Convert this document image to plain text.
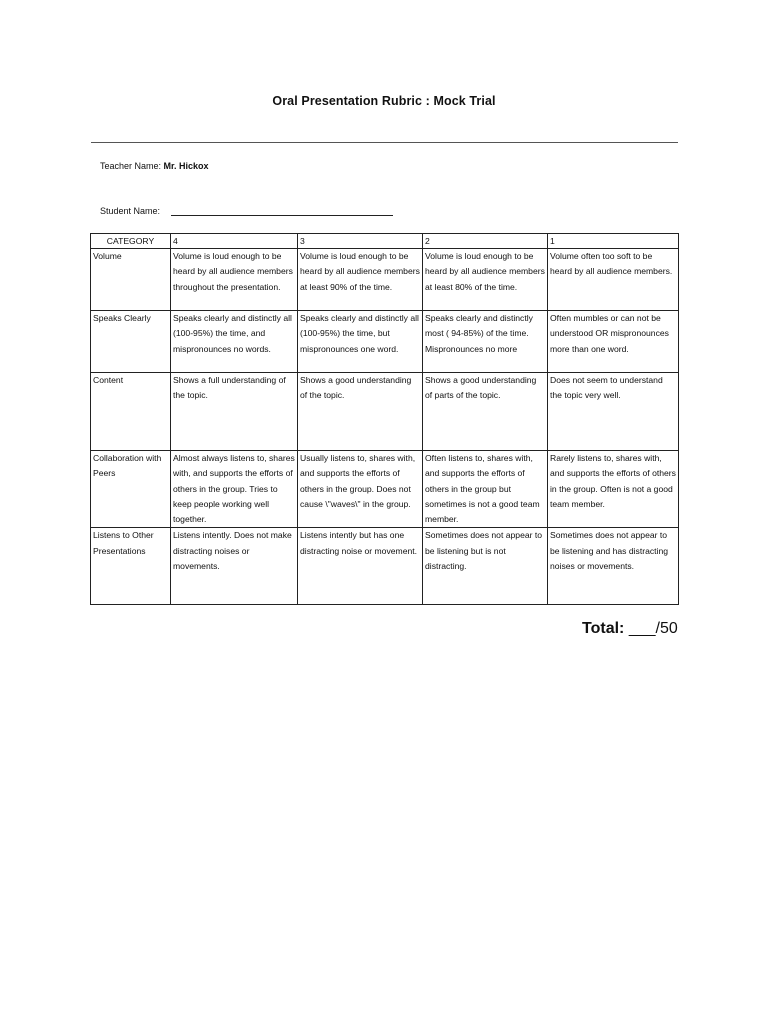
Oral Presentation Rubric : Mock Trial
Teacher Name: Mr. Hickox
Student Name:
CATEGORY	4	3	2	1
Volume	Volume is loud enough to be heard by all audience members throughout the presentation.	Volume is loud enough to be heard by all audience members at least 90% of the time.	Volume is loud enough to be heard by all audience members at least 80% of the time.	Volume often too soft to be heard by all audience members.
Speaks Clearly	Speaks clearly and distinctly all (100-95%) the time, and mispronounces no words.	Speaks clearly and distinctly all (100-95%) the time, but mispronounces one word.	Speaks clearly and distinctly most ( 94-85%) of the time. Mispronounces no more	Often mumbles or can not be understood OR mispronounces more than one word.
Content	Shows a full understanding of the topic.	Shows a good understanding of the topic.	Shows a good understanding of parts of the topic.	Does not seem to understand the topic very well.
Collaboration with Peers	Almost always listens to, shares with, and supports the efforts of others in the group. Tries to keep people working well together.	Usually listens to, shares with, and supports the efforts of others in the group. Does not cause \"waves\" in the group.	Often listens to, shares with, and supports the efforts of others in the group but sometimes is not a good team member.	Rarely listens to, shares with, and supports the efforts of others in the group. Often is not a good team member.
Listens to Other Presentations	Listens intently. Does not make distracting noises or movements.	Listens intently but has one distracting noise or movement.	Sometimes does not appear to be listening but is not distracting.	Sometimes does not appear to be listening and has distracting noises or movements.
Total: ___/50
